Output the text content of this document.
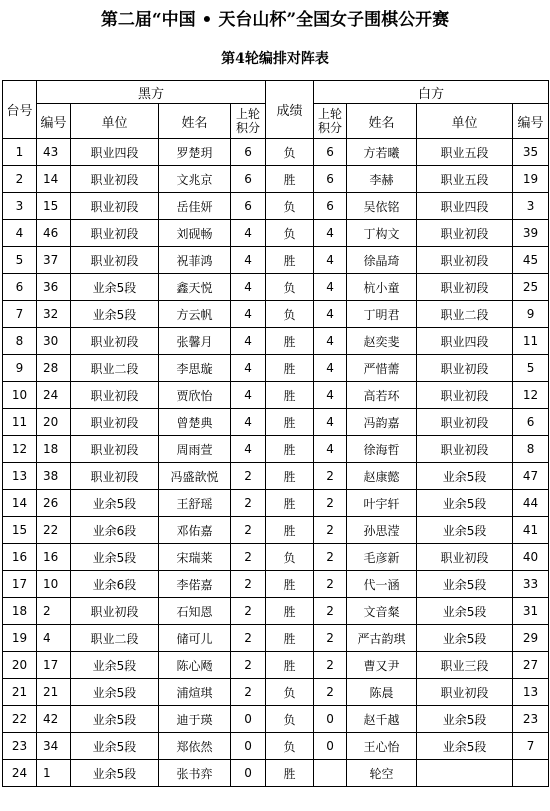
第二届“中国 • 天台山杯”全国女子围棋公开赛
第4轮编排对阵表
台号	黑方				成绩	白方			
	编号	单位	姓名	上轮积分		上轮积分	姓名	单位	编号
1	43	职业四段	罗楚玥	6	负	6	方若曦	职业五段	35
2	14	职业初段	文兆京	6	胜	6	李赫	职业五段	19
3	15	职业初段	岳佳妍	6	负	6	吴依铭	职业四段	3
4	46	职业初段	刘砚畅	4	负	4	丁构文	职业初段	39
5	37	职业初段	祝菲鸿	4	胜	4	徐晶琦	职业初段	45
6	36	业余5段	鑫天悦	4	负	4	杭小童	职业初段	25
7	32	业余5段	方云帆	4	负	4	丁明君	职业二段	9
8	30	职业初段	张馨月	4	胜	4	赵奕斐	职业四段	11
9	28	职业二段	李思璇	4	胜	4	严惜薷	职业初段	5
10	24	职业初段	贾欣怡	4	胜	4	高若环	职业初段	12
11	20	职业初段	曾楚典	4	胜	4	冯韵嘉	职业初段	6
12	18	职业初段	周雨萱	4	胜	4	徐海哲	职业初段	8
13	38	职业初段	冯盛歆悦	2	胜	2	赵康懿	业余5段	47
14	26	业余5段	王舒瑶	2	胜	2	叶宇轩	业余5段	44
15	22	业余6段	邓佑嘉	2	胜	2	孙思滢	业余5段	41
16	16	业余5段	宋瑞莱	2	负	2	毛彦新	职业初段	40
17	10	业余6段	李偌嘉	2	胜	2	代一涵	业余5段	33
18	2	职业初段	石知恩	2	胜	2	文音粲	业余5段	31
19	4	职业二段	储可儿	2	胜	2	严古韵琪	业余5段	29
20	17	业余5段	陈心飏	2	胜	2	曹又尹	职业三段	27
21	21	业余5段	浦煊琪	2	负	2	陈晨	职业初段	13
22	42	业余5段	迪于瑛	0	负	0	赵千越	业余5段	23
23	34	业余5段	郑依然	0	负	0	王心怡	业余5段	7
24	1	业余5段	张书弈	0	胜		轮空		
